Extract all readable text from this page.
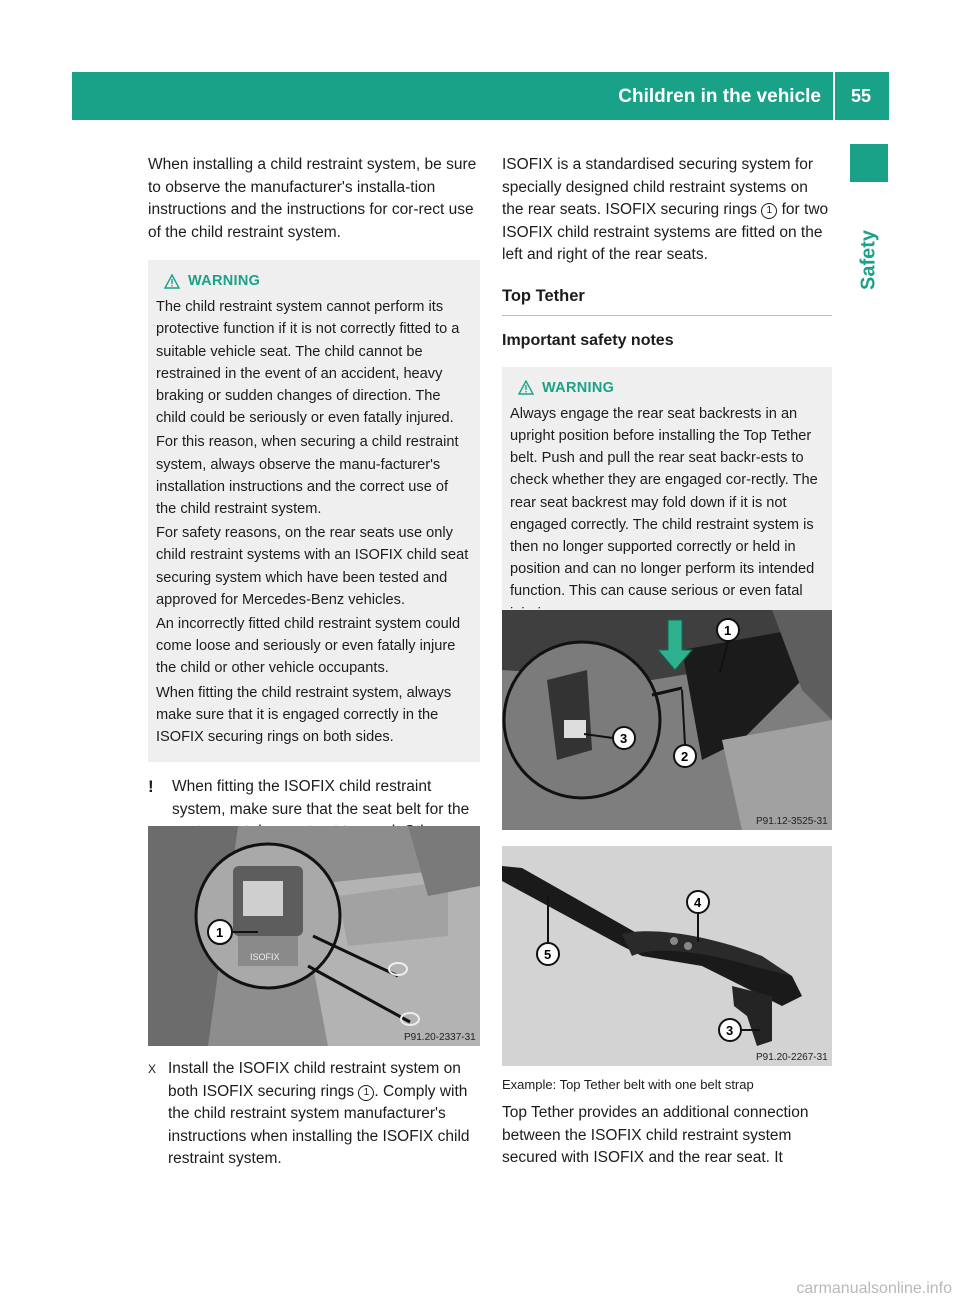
Children in the vehicle 55
Safety

When installing a child restraint system, be sure to observe the manufacturer's installa-tion instructions and the instructions for cor-rect use of the child restraint system.

WARNING

The child restraint system cannot perform its protective function if it is not correctly fitted to a suitable vehicle seat. The child cannot be restrained in the event of an accident, heavy braking or sudden changes of direction. The child could be seriously or even fatally injured.

For this reason, when securing a child restraint system, always observe the manu-facturer's installation instructions and the correct use of the child restraint system.

For safety reasons, on the rear seats use only child restraint systems with an ISOFIX child seat securing system which have been tested and approved for Mercedes-Benz vehicles.

An incorrectly fitted child restraint system could come loose and seriously or even fatally injure the child or other vehicle occupants.

When fitting the child restraint system, always make sure that it is engaged correctly in the ISOFIX securing rings on both sides.

!	When fitting the ISOFIX child restraint system, make sure that the seat belt for the
ISOFIX
1
P91.20-2337-31
X Install the ISOFIX child restraint system on both ISOFIX securing rings 1 . Comply with the child restraint system manufacturer's instructions when installing the ISOFIX child restraint system.

ISOFIX is a standardised securing system for specially designed child restraint systems on the rear seats. ISOFIX securing rings 1 for two ISOFIX child restraint systems are fitted on the left and right of the rear seats.

Top Tether
Important safety notes
WARNING

Always engage the rear seat backrests in an upright position before installing the Top Tether belt. Push and pull the rear seat backr-ests to check whether they are engaged cor-rectly. The rear seat backrest may fold down if it is not engaged correctly. The child restraint system is then no longer supported correctly or held in position and can no longer perform its intended function. This can cause serious or even fatal

1
2
3
P91.12-3525-31
4
5
3
P91.20-2267-31
Example: Top Tether belt with one belt strap

Top Tether provides an additional connection between the ISOFIX child restraint system secured with ISOFIX and the rear seat. It

carmanualsonline.info
